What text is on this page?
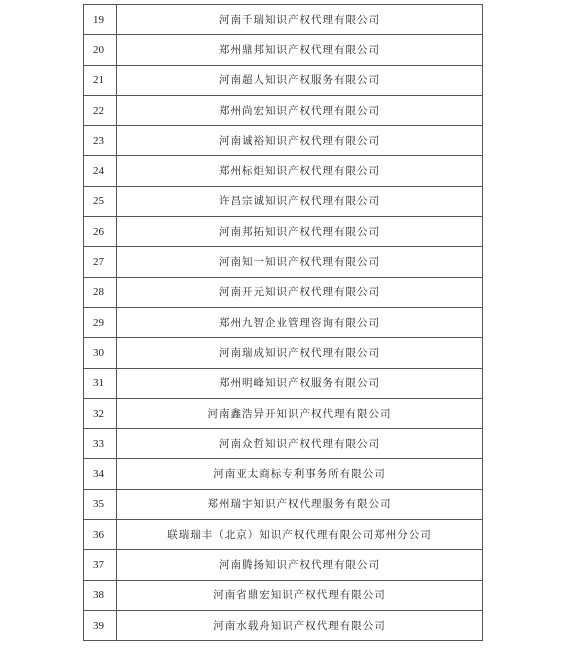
19	河南千瑞知识产权代理有限公司
20	郑州鼎邦知识产权代理有限公司
21	河南超人知识产权服务有限公司
22	郑州尚宏知识产权代理有限公司
23	河南诚裕知识产权代理有限公司
24	郑州标炬知识产权代理有限公司
25	许昌宗诚知识产权代理有限公司
26	河南邦拓知识产权代理有限公司
27	河南知一知识产权代理有限公司
28	河南开元知识产权代理有限公司
29	郑州九智企业管理咨询有限公司
30	河南瑞成知识产权代理有限公司
31	郑州明峰知识产权服务有限公司
32	河南鑫浩异开知识产权代理有限公司
33	河南众哲知识产权代理有限公司
34	河南亚太商标专利事务所有限公司
35	郑州瑞宇知识产权代理服务有限公司
36	联瑞瑞丰（北京）知识产权代理有限公司郑州分公司
37	河南腾扬知识产权代理有限公司
38	河南省鼎宏知识产权代理有限公司
39	河南水载舟知识产权代理有限公司
